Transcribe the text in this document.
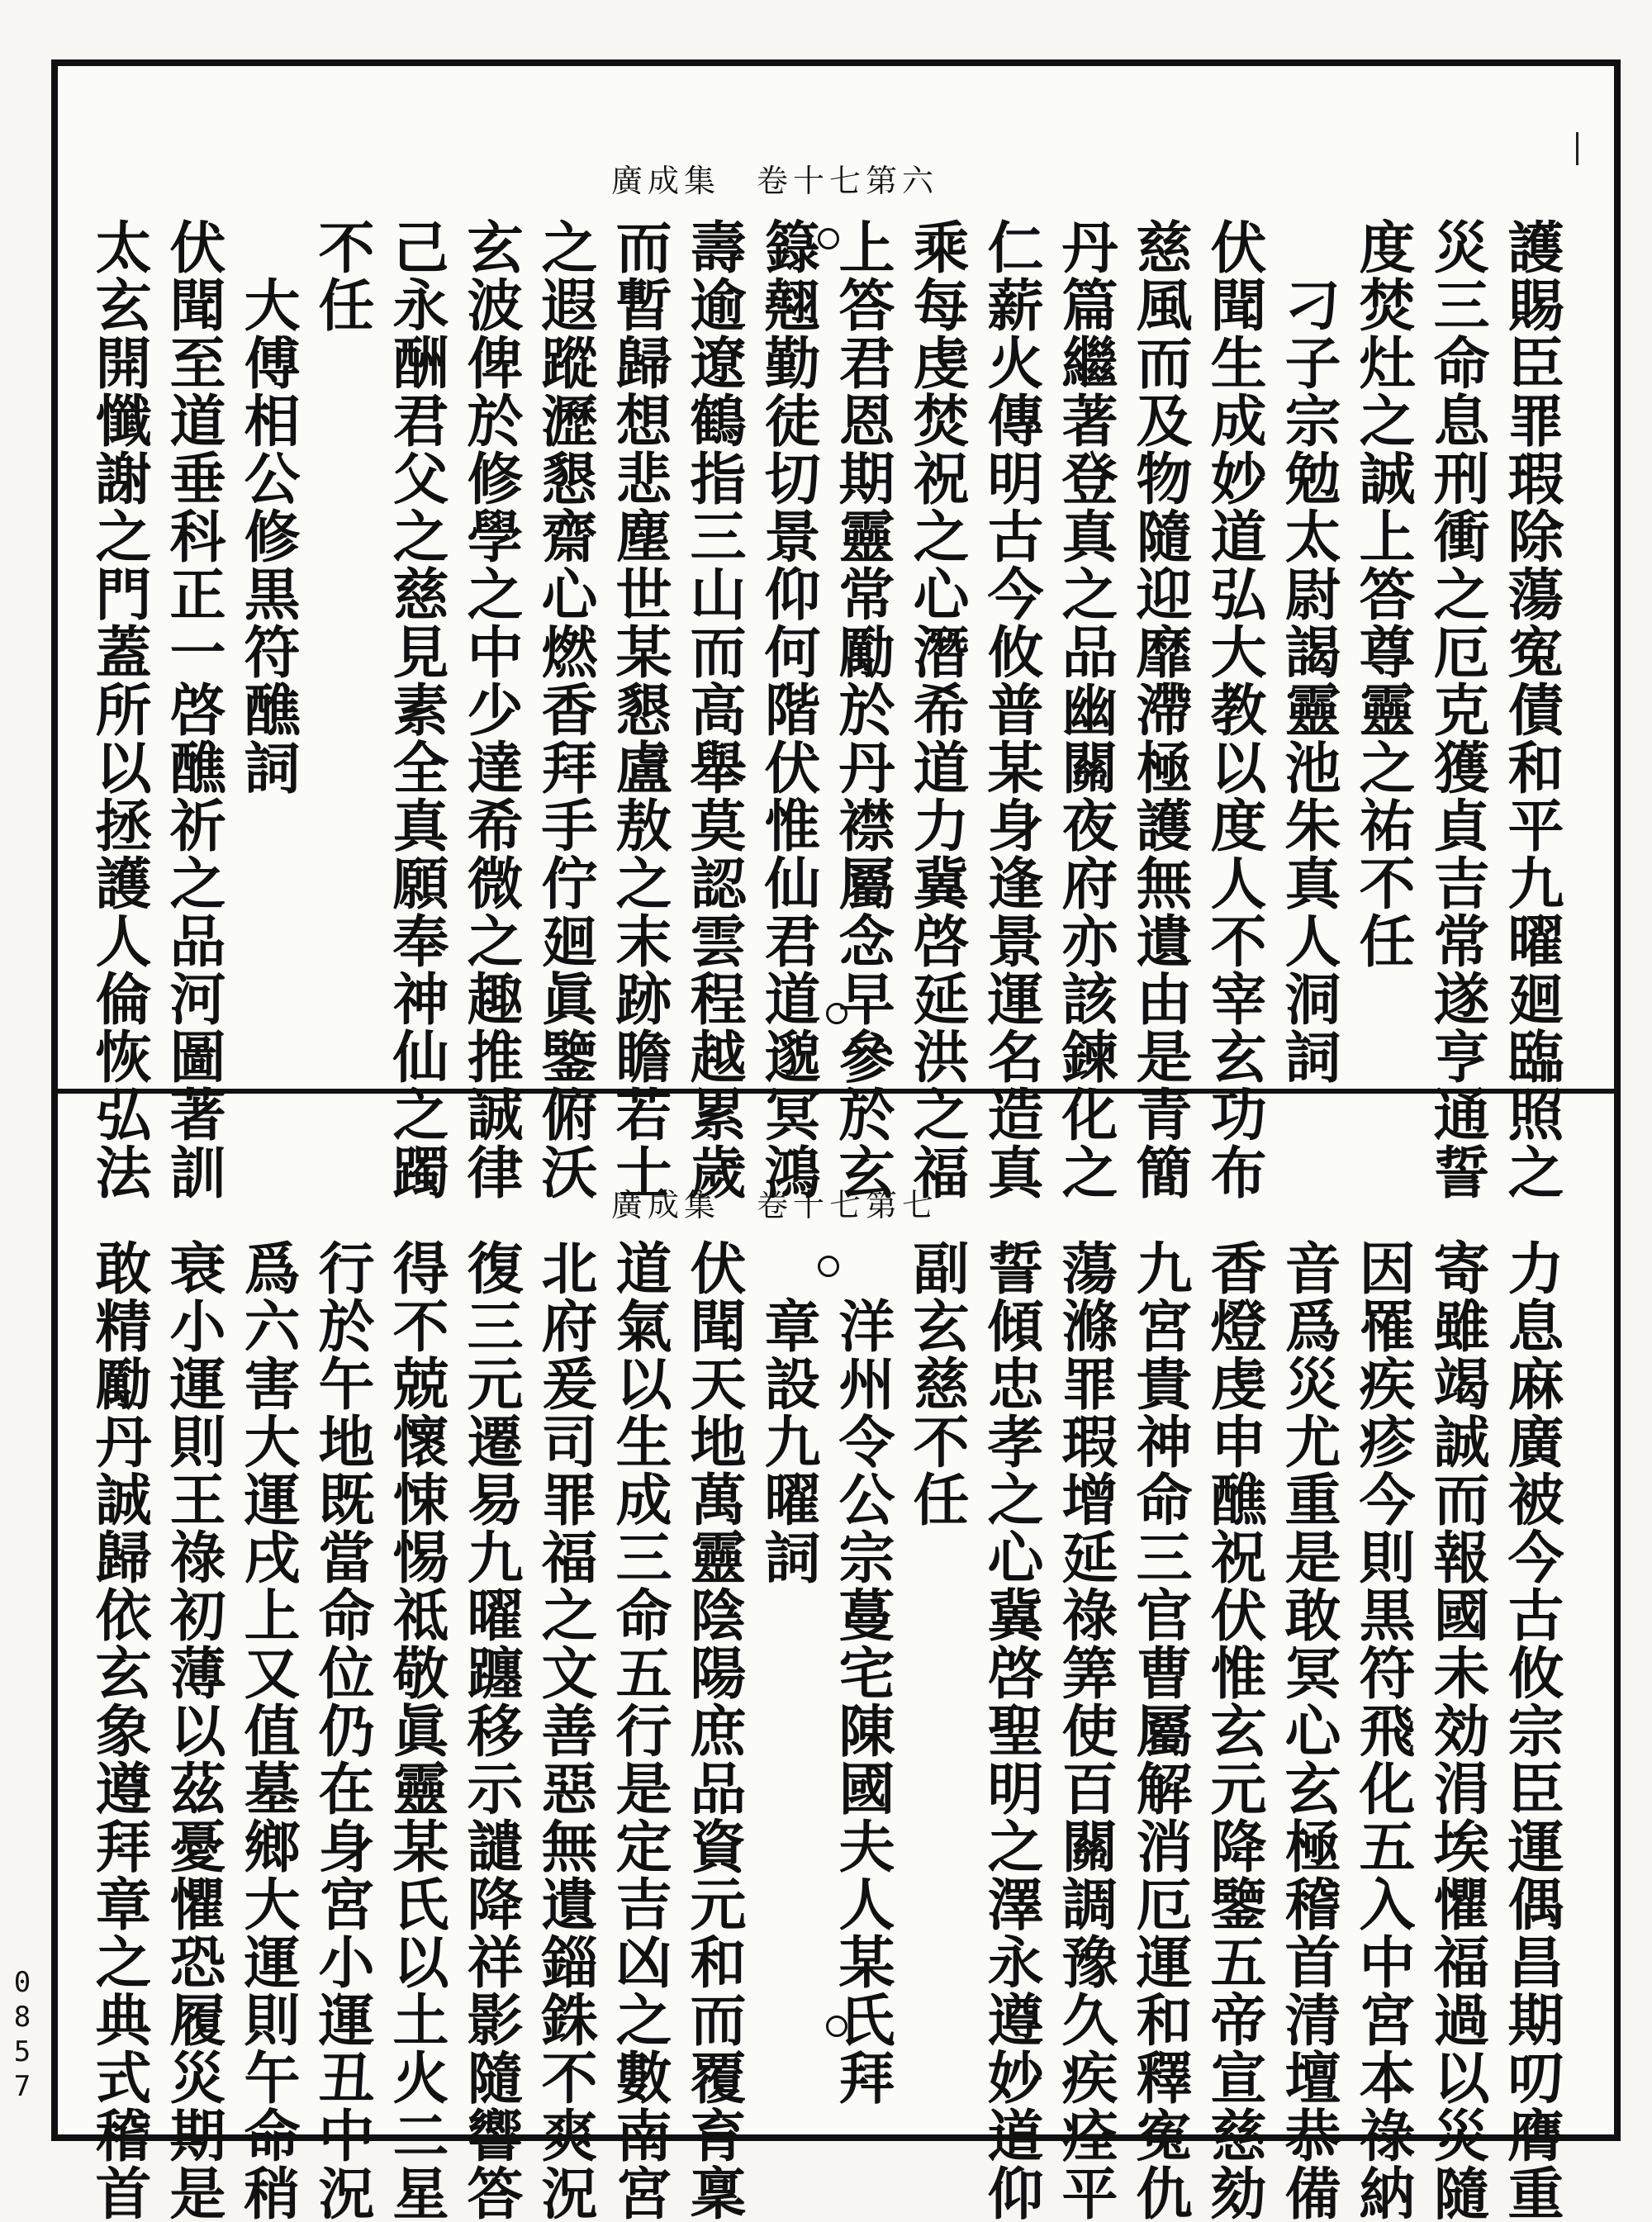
廣成集　卷十七第六
廣成集　卷十七第七
護賜臣罪瑕除蕩寃債和平九曜廻臨照之
災三命息刑衝之厄克獲貞吉常遂亨通誓
度焚灶之誠上答尊靈之祐不任
　刁子宗勉太尉謁靈池朱真人洞詞
伏聞生成妙道弘大教以度人不宰玄功布
慈風而及物隨迎靡滯極護無遺由是青簡
丹篇繼著登真之品幽關夜府亦該鍊化之
仁薪火傳明古今攸普某身逢景運名造真
乘每虔焚祝之心潛希道力冀啓延洪之福
上答君恩期靈常勵於丹襟屬念早參於玄
籙翹勤徒切景仰何階伏惟仙君道邈冥鴻
壽逾遼鶴指三山而高舉莫認雲程越累歲
而暫歸想悲塵世某懇盧敖之末跡瞻若士
之遐蹤瀝懇齋心燃香拜手佇廻眞鑒俯沃
玄波俾於修學之中少達希微之趣推誠律
己永酬君父之慈見素全真願奉神仙之躅
不任
　大傅相公修黒符醮詞
伏聞至道垂科正一啓醮祈之品河圖著訓
太玄開懺謝之門蓋所以拯護人倫恢弘法
力息麻廣被今古攸宗臣運偶昌期叨膺重
寄雖竭誠而報國未効涓埃懼福過以災隨
因罹疾疹今則黒符飛化五入中宮本祿納
音爲災尤重是敢冥心玄極稽首清壇恭備
香燈虔申醮祝伏惟玄元降鑒五帝宣慈劾
九宮貴神命三官曹屬解消厄運和釋寃仇
蕩滌罪瑕增延祿筭使百關調豫久疾痊平
誓傾忠孝之心冀啓聖明之澤永遵妙道仰
副玄慈不任
　洋州令公宗蔓宅陳國夫人某氏拜
　章設九曜詞
伏聞天地萬靈陰陽庶品資元和而覆育稟
道氣以生成三命五行是定吉凶之數南宮
北府爰司罪福之文善惡無遺錙銖不爽況
復三元遷易九曜躔移示譴降祥影隨響答
得不兢懷悚惕祗敬眞靈某氏以土火二星
行於午地既當命位仍在身宮小運丑中況
爲六害大運戌上又值墓鄉大運則午命稍
衰小運則王祿初薄以茲憂懼恐履災期是
敢精勵丹誠歸依玄象遵拜章之典式稽首
0857
